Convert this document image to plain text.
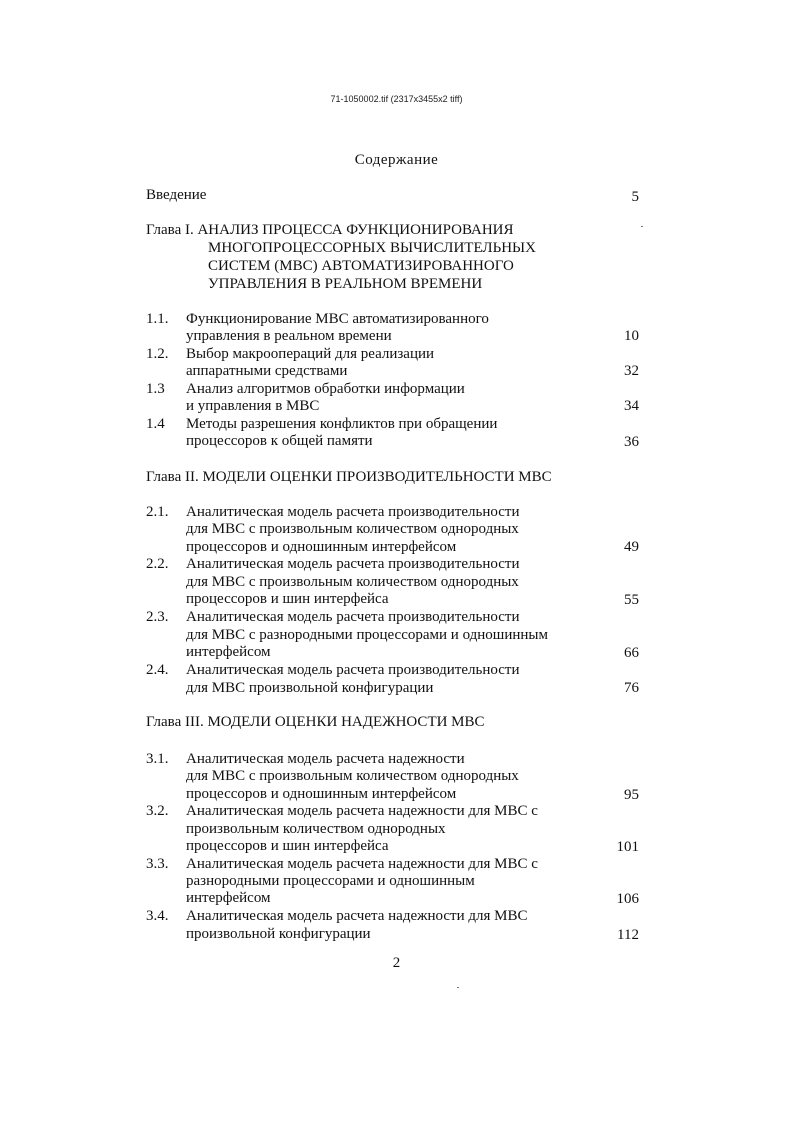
71-1050002.tif (2317x3455x2 tiff)
Содержание
Введение	5
Глава I. АНАЛИЗ ПРОЦЕССА ФУНКЦИОНИРОВАНИЯ
МНОГОПРОЦЕССОРНЫХ ВЫЧИСЛИТЕЛЬНЫХ
СИСТЕМ (МВС) АВТОМАТИЗИРОВАННОГО
УПРАВЛЕНИЯ В РЕАЛЬНОМ ВРЕМЕНИ
1.1. Функционирование МВС автоматизированного
управления в реальном времени	10
1.2. Выбор макроопераций для реализации
аппаратными средствами	32
1.3 Анализ алгоритмов обработки информации
и управления в МВС	34
1.4 Методы разрешения конфликтов при обращении
процессоров к общей памяти	36
Глава II. МОДЕЛИ ОЦЕНКИ ПРОИЗВОДИТЕЛЬНОСТИ МВС
2.1. Аналитическая модель расчета производительности
для МВС с произвольным количеством однородных
процессоров и одношинным интерфейсом	49
2.2. Аналитическая модель расчета производительности
для МВС с произвольным количеством однородных
процессоров и шин интерфейса	55
2.3. Аналитическая модель расчета производительности
для МВС с разнородными процессорами и одношинным
интерфейсом	66
2.4. Аналитическая модель расчета производительности
для МВС произвольной конфигурации	76
Глава III. МОДЕЛИ ОЦЕНКИ НАДЕЖНОСТИ МВС
3.1. Аналитическая модель расчета надежности
для МВС с произвольным количеством однородных
процессоров и одношинным интерфейсом	95
3.2. Аналитическая модель расчета надежности для МВС с
произвольным количеством однородных
процессоров и шин интерфейса	101
3.3. Аналитическая модель расчета надежности для МВС с
разнородными процессорами и одношинным
интерфейсом	106
3.4. Аналитическая модель расчета надежности для МВС
произвольной конфигурации	112
2
